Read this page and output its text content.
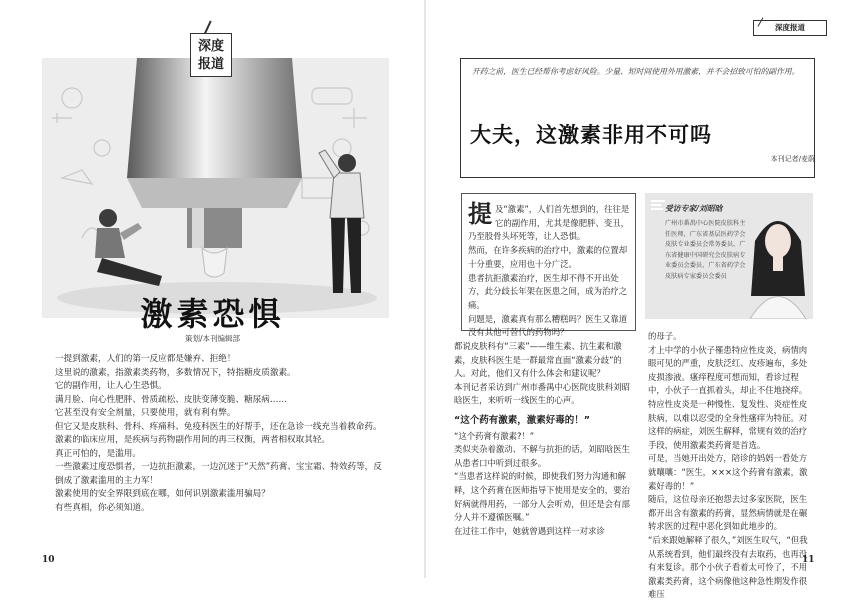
深度
报道
激素恐惧
策划/本刊编辑部

一提到激素，人们的第一反应都是嫌弃、拒绝！

这里说的激素，指激素类药物，多数情况下，特指糖皮质激素。

它的副作用，让人心生恐惧。

满月脸、向心性肥胖、骨质疏松、皮肤变薄变脆、糖尿病……

它甚至没有安全剂量，只要使用，就有利有弊。

但它又是皮肤科、骨科、疼痛科、免疫科医生的好帮手，还在急诊一线充当着救命药。

激素的临床应用，是疾病与药物副作用间的再三权衡，两者相权取其轻。

真正可怕的，是滥用。

一些激素过度恐惧者，一边抗拒激素，一边沉迷于“天然”药膏、宝宝霜、特效药等，反倒成了激素滥用的主力军！

激素使用的安全界限到底在哪，如何识别激素滥用骗局？

有些真相，你必须知道。

10
深度报道
开药之前，医生已经帮你考虑好风险。少量、短时间使用外用激素，并不会招致可怕的副作用。
大夫，这激素非用不可吗
本刊记者/麦蔚

提及“激素”，人们首先想到的，往往是它的副作用，尤其是像肥胖、变丑，乃至股骨头坏死等，让人恐惧。

然而，在许多疾病的治疗中，激素的位置却十分重要，应用也十分广泛。

患者抗拒激素治疗，医生却不得不开出处方，此分歧长年架在医患之间，成为治疗之痛。

问题是，激素真有那么糟糕吗？医生又靠道没有其他可替代的药物吗？

受访专家/刘昭晗
广州市番禺中心医院皮肤科主任医师，广东省基层医药学会皮肤专业委员会常务委员，广东省健康中国研究会皮肤病专业委员会委员，广东省药学会皮肤病专家委员会委员

都说皮肤科有“三素”——维生素、抗生素和激素，皮肤科医生是一群最常直面“激素分歧”的人。对此，他们又有什么体会和建议呢？

本刊记者采访到广州市番禺中心医院皮肤科刘昭晗医生，来听听一线医生的心声。

“这个药有激素，激素好毒的！”

“这个药膏有激素?！”

类似夹杂着激动、不解与抗拒的话，刘昭晗医生从患者口中听到过很多。

“当患者这样说的时候，即使我们努力沟通和解释，这个药膏在医师指导下使用是安全的，要治好病就得用药，一部分人会听劝，但还是会有部分人并不遵循医嘱。”

在过往工作中，她就曾遇到这样一对求诊

的母子。

才上中学的小伙子罹患特应性皮炎，病情肉眼可见的严重，皮肤泛红、皮疹遍布，多处皮损渗液。瘙痒程度可想而知，看诊过程中，小伙子一直抓着头，却止不住地挠痒。

特应性皮炎是一种慢性、复发性、炎症性皮肤病，以难以忍受的全身性瘙痒为特征。对这样的病症，刘医生解释，常规有效的治疗手段，使用激素类药膏是首选。

可是，当她开出处方，陪诊的妈妈一看处方就嚷嚷：“医生，×××这个药膏有激素，激素好毒的！”

随后，这位母亲还抱怨去过多家医院，医生都开出含有激素的药膏，显然病情就是在碾转求医的过程中恶化到如此地步的。

“后来跟她解释了很久，”刘医生叹气，“但我从系统看到，他们最终没有去取药，也再没有来复诊。那个小伙子看着太可怜了，不用激素类药膏，这个病像他这种急性期发作很难压

11
